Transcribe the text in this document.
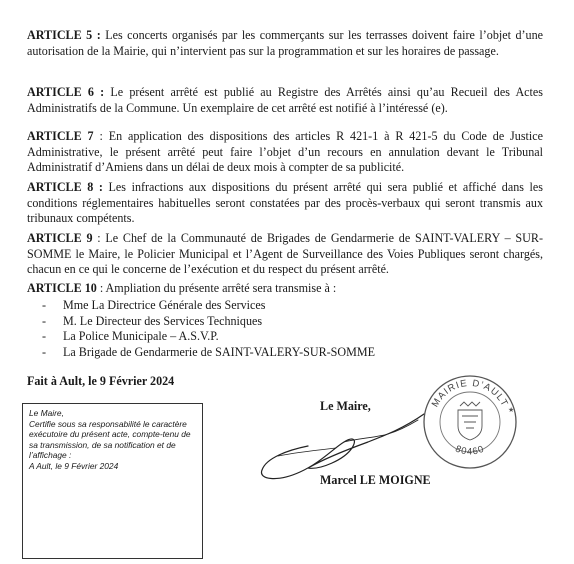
ARTICLE 5 : Les concerts organisés par les commerçants sur les terrasses doivent faire l’objet d’une autorisation de la Mairie, qui n’intervient pas sur la programmation et sur les horaires de passage.

ARTICLE 6 : Le présent arrêté est publié au Registre des Arrêtés ainsi qu’au Recueil des Actes Administratifs de la Commune. Un exemplaire de cet arrêté est notifié à l’intéressé (e).

ARTICLE 7 : En application des dispositions des articles R 421-1 à R 421-5 du Code de Justice Administrative, le présent arrêté peut faire l’objet d’un recours en annulation devant le Tribunal Administratif d’Amiens dans un délai de deux mois à compter de sa publicité.

ARTICLE 8 : Les infractions aux dispositions du présent arrêté qui sera publié et affiché dans les conditions réglementaires habituelles seront constatées par des procès-verbaux qui seront transmis aux tribunaux compétents.

ARTICLE 9 : Le Chef de la Communauté de Brigades de Gendarmerie de SAINT-VALERY – SUR-SOMME le Maire, le Policier Municipal et l’Agent de Surveillance des Voies Publiques seront chargés, chacun en ce qui le concerne de l’exécution et du respect du présent arrêté.

ARTICLE 10 : Ampliation du présente arrêté sera transmise à :

- Mme La Directrice Générale des Services
- M. Le Directeur des Services Techniques
- La Police Municipale – A.S.V.P.
- La Brigade de Gendarmerie de SAINT-VALERY-SUR-SOMME
Fait à Ault, le 9 Février 2024
Le Maire,
Certifie sous sa responsabilité le caractère
exécutoire du présent acte, compte-tenu de
sa transmission, de sa notification et de
l’affichage :
A Ault, le 9 Février 2024
Le Maire,
Marcel LE MOIGNE
MAIRIE D’AULT
80460
★
